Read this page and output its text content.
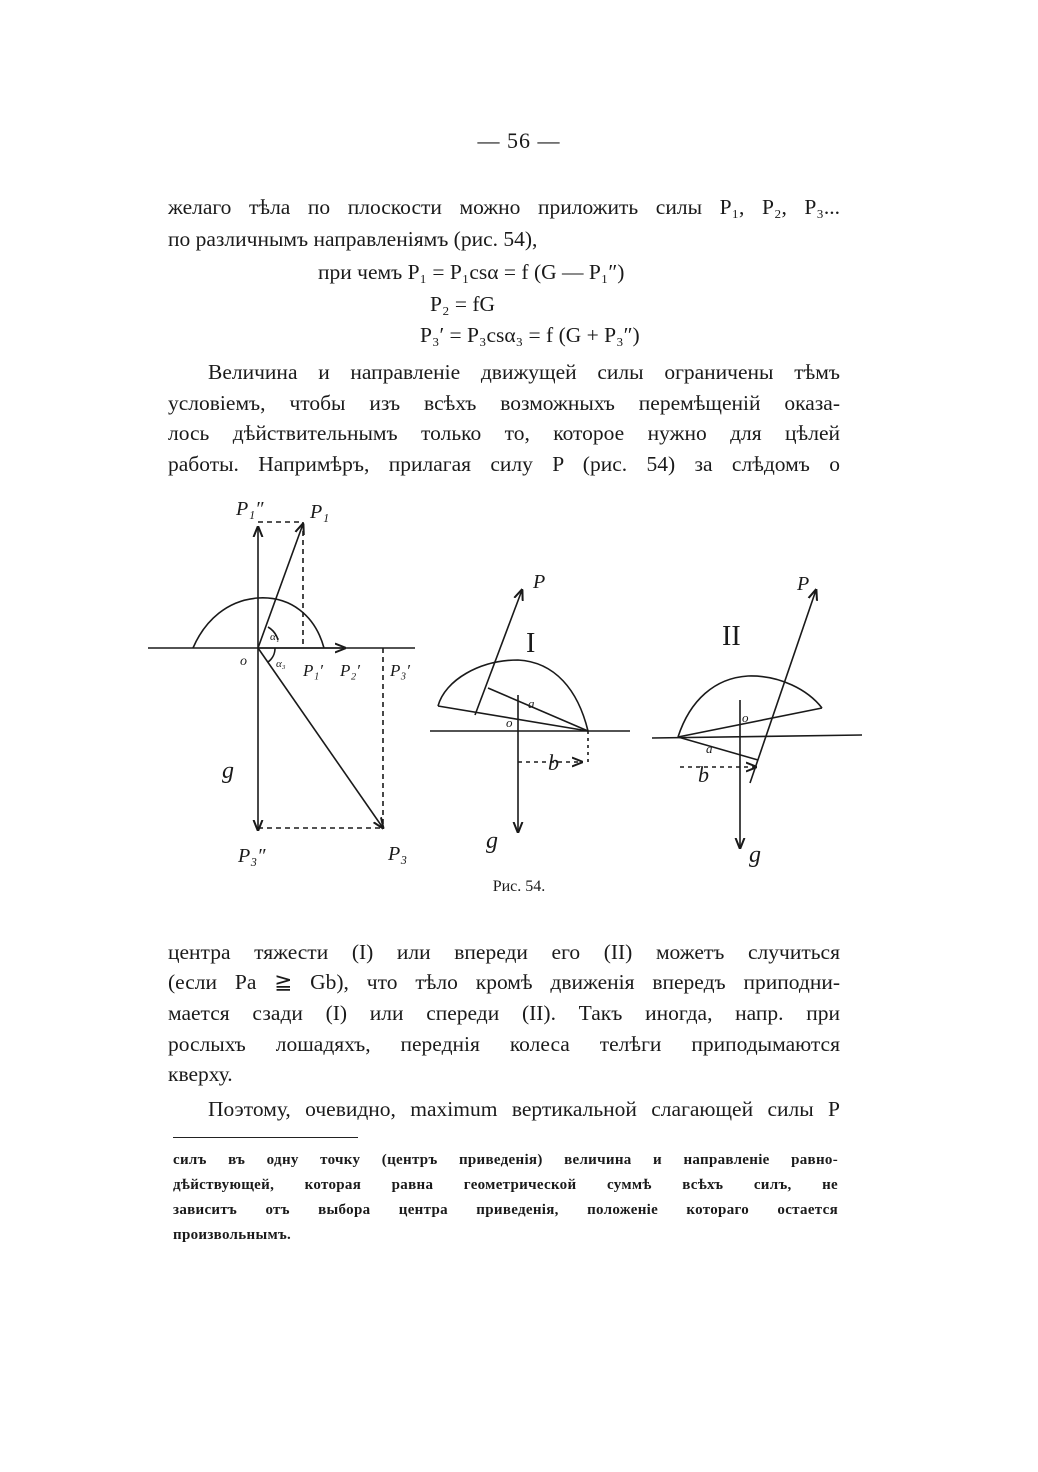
— 56 —
желаго тѣла по плоскости можно приложить силы P₁, P₂, P₃...
по различнымъ направленіямъ (рис. 54),
при чемъ P₁ = P₁csα = f (G — P₁″)
P₂ = fG
P₃′ = P₃csα₃ = f (G + P₃″)
Величина и направленіе движущей силы ограничены тѣмъ
условіемъ, чтобы изъ всѣхъ возможныхъ перемѣщеній оказа-
лось дѣйствительнымъ только то, которое нужно для цѣлей
работы. Напримѣръ, прилагая силу P (рис. 54) за слѣдомъ o
P₁″ P₁
α₁
o	α₃ P₁′ P₂′ P₃′
g
P₃″	P₃
P
I
a
o
b
g
P
II
o
a
b
g
Рис. 54.
центра тяжести (I) или впереди его (II) можетъ случиться
(если Pa ≧ Gb), что тѣло кромѣ движенія впередъ приподни-
мается сзади (I) или спереди (II). Такъ иногда, напр. при
рослыхъ лошадяхъ, переднія колеса телѣги приподымаются
кверху.
Поэтому, очевидно, maximum вертикальной слагающей силы P
силъ въ одну точку (центръ приведенія) величина и направленіе равно-
дѣйствующей, которая равна геометрической суммѣ всѣхъ силъ, не
зависитъ отъ выбора центра приведенія, положеніе котораго остается
произвольнымъ.
